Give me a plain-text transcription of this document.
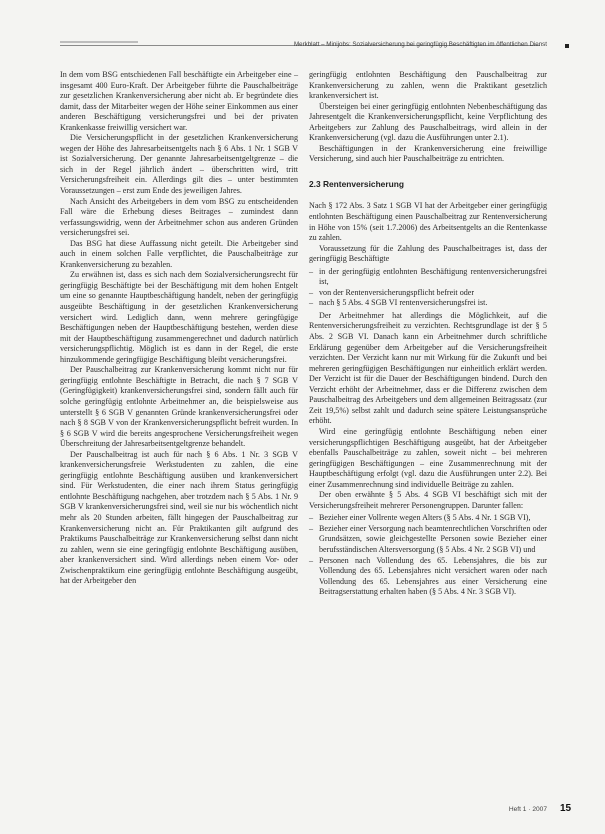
Merkblatt – Minijobs: Sozialversicherung bei geringfügig Beschäftigten im öffentlichen Dienst

In dem vom BSG entschiedenen Fall beschäftigte ein Arbeitgeber eine – insgesamt 400 Euro-Kraft. Der Arbeitgeber führte die Pauschalbeiträge zur gesetzlichen Krankenversicherung aber nicht ab. Er begründete dies damit, dass der Mitarbeiter wegen der Höhe seiner Einkommen aus einer anderen Beschäftigung versicherungsfrei und bei der privaten Krankenkasse freiwillig versichert war.

Die Versicherungspflicht in der gesetzlichen Krankenversicherung wegen der Höhe des Jahresarbeitsentgelts nach § 6 Abs. 1 Nr. 1 SGB V ist Sozialversicherung. Der genannte Jahresarbeitsentgeltgrenze – die sich in der Regel jährlich ändert – überschritten wird, tritt Versicherungsfreiheit ein. Allerdings gilt dies – unter bestimmten Voraussetzungen – erst zum Ende des jeweiligen Jahres.

Nach Ansicht des Arbeitgebers in dem vom BSG zu entscheidenden Fall wäre die Erhebung dieses Beitrages – zumindest dann verfassungswidrig, wenn der Arbeitnehmer schon aus anderen Gründen versicherungsfrei sei.

Das BSG hat diese Auffassung nicht geteilt. Die Arbeitgeber sind auch in einem solchen Falle verpflichtet, die Pauschalbeiträge zur Krankenversicherung zu bezahlen.

Zu erwähnen ist, dass es sich nach dem Sozialversicherungsrecht für geringfügig Beschäftigte bei der Beschäftigung mit dem hohen Entgelt um eine so genannte Hauptbeschäftigung handelt, neben der geringfügig ausgeübte Beschäftigung in der gesetzlichen Krankenversicherung versichert wird. Lediglich dann, wenn mehrere geringfügige Beschäftigungen neben der Hauptbeschäftigung bestehen, werden diese mit der Hauptbeschäftigung zusammengerechnet und dadurch natürlich versicherungspflichtig. Möglich ist es dann in der Regel, die erste hinzukommende geringfügige Beschäftigung bleibt versicherungsfrei.

Der Pauschalbeitrag zur Krankenversicherung kommt nicht nur für geringfügig entlohnte Beschäftigte in Betracht, die nach § 7 SGB V (Geringfügigkeit) krankenversicherungsfrei sind, sondern fällt auch für solche geringfügig entlohnte Arbeitnehmer an, die beispielsweise aus unterstellt § 6 SGB V genannten Gründe krankenversicherungsfrei oder nach § 8 SGB V von der Krankenversicherungspflicht befreit wurden. In § 6 SGB V wird die bereits angesprochene Versicherungsfreiheit wegen Überschreitung der Jahresarbeitsentgeltgrenze behandelt.

Der Pauschalbeitrag ist auch für nach § 6 Abs. 1 Nr. 3 SGB V krankenversicherungsfreie Werkstudenten zu zahlen, die eine geringfügig entlohnte Beschäftigung ausüben und krankenversichert sind. Für Werkstudenten, die einer nach ihrem Status geringfügig entlohnte Beschäftigung nachgehen, aber trotzdem nach § 5 Abs. 1 Nr. 9 SGB V krankenversicherungsfrei sind, weil sie nur bis wöchentlich nicht mehr als 20 Stunden arbeiten, fällt hingegen der Pauschalbeitrag zur Krankenversicherung nicht an. Für Praktikanten gilt aufgrund des Praktikums Pauschalbeiträge zur Krankenversicherung selbst dann nicht zu zahlen, wenn sie eine geringfügig entlohnte Beschäftigung ausüben, aber krankenversichert sind. Wird allerdings neben einem Vor- oder Zwischenpraktikum eine geringfügig entlohnte Beschäftigung ausgeübt, hat der Arbeitgeber den

geringfügig entlohnten Beschäftigung den Pauschalbeitrag zur Krankenversicherung zu zahlen, wenn die Praktikant gesetzlich krankenversichert ist.

Übersteigen bei einer geringfügig entlohnten Nebenbeschäftigung das Jahresentgelt die Krankenversicherungspflicht, keine Verpflichtung des Arbeitgebers zur Zahlung des Pauschalbeitrags, wird allein in der Krankenversicherung (vgl. dazu die Ausführungen unter 2.1).

Beschäftigungen in der Krankenversicherung eine freiwillige Versicherung, sind auch hier Pauschalbeiträge zu entrichten.

2.3 Rentenversicherung

Nach § 172 Abs. 3 Satz 1 SGB VI hat der Arbeitgeber einer geringfügig entlohnten Beschäftigung einen Pauschalbeitrag zur Rentenversicherung in Höhe von 15% (seit 1.7.2006) des Arbeitsentgelts an die Rentenkasse zu zahlen.

Voraussetzung für die Zahlung des Pauschalbeitrages ist, dass der geringfügig Beschäftigte

– in der geringfügig entlohnten Beschäftigung rentenversicherungsfrei ist,
– von der Rentenversicherungspflicht befreit oder
– nach § 5 Abs. 4 SGB VI rentenversicherungsfrei ist.

Der Arbeitnehmer hat allerdings die Möglichkeit, auf die Rentenversicherungsfreiheit zu verzichten. Rechtsgrundlage ist der § 5 Abs. 2 SGB VI. Danach kann ein Arbeitnehmer durch schriftliche Erklärung gegenüber dem Arbeitgeber auf die Versicherungsfreiheit verzichten. Der Verzicht kann nur mit Wirkung für die Zukunft und bei mehreren geringfügigen Beschäftigungen nur einheitlich erklärt werden. Der Verzicht ist für die Dauer der Beschäftigungen bindend. Durch den Verzicht erhöht der Arbeitnehmer, dass er die Differenz zwischen dem Pauschalbeitrag des Arbeitgebers und dem allgemeinen Beitragssatz (zur Zeit 19,5%) selbst zahlt und dadurch seine spätere Leistungsansprüche erhöht.

Wird eine geringfügig entlohnte Beschäftigung neben einer versicherungspflichtigen Beschäftigung ausgeübt, hat der Arbeitgeber ebenfalls Pauschalbeiträge zu zahlen, soweit nicht – bei mehreren geringfügigen Beschäftigungen – eine Zusammenrechnung mit der Hauptbeschäftigung erfolgt (vgl. dazu die Ausführungen unter 2.2). Bei einer Zusammenrechnung sind individuelle Beiträge zu zahlen.

Der oben erwähnte § 5 Abs. 4 SGB VI beschäftigt sich mit der Versicherungsfreiheit mehrerer Personengruppen. Darunter fallen:

– Bezieher einer Vollrente wegen Alters (§ 5 Abs. 4 Nr. 1 SGB VI),
– Bezieher einer Versorgung nach beamtenrechtlichen Vorschriften oder Grundsätzen, sowie gleichgestellte Personen sowie Bezieher einer berufsständischen Altersversorgung (§ 5 Abs. 4 Nr. 2 SGB VI) und
– Personen nach Vollendung des 65. Lebensjahres, die bis zur Vollendung des 65. Lebensjahres nicht versichert waren oder nach Vollendung des 65. Lebensjahres aus einer Versicherung eine Beitragserstattung erhalten haben (§ 5 Abs. 4 Nr. 3 SGB VI).
Heft 1 · 2007 15
